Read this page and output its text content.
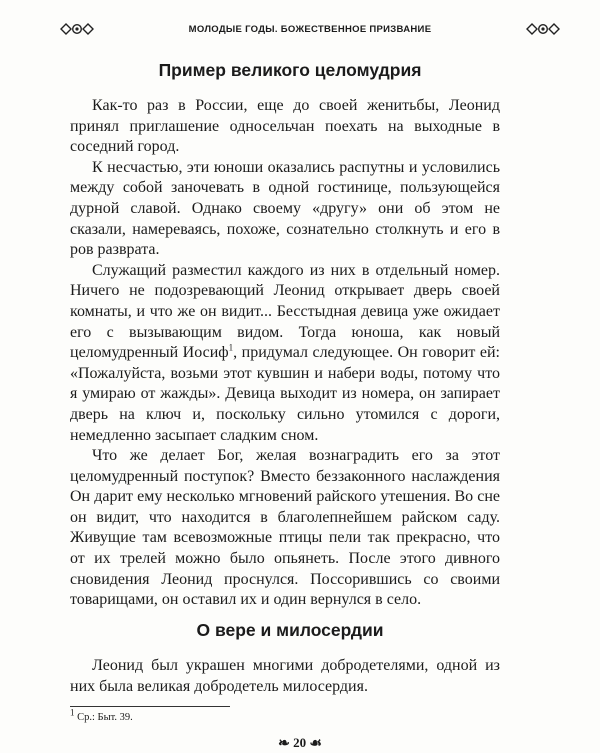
МОЛОДЫЕ ГОДЫ. БОЖЕСТВЕННОЕ ПРИЗВАНИЕ
Пример великого целомудрия

Как-то раз в России, еще до своей женитьбы, Леонид принял приглашение односельчан поехать на выходные в соседний город.

К несчастью, эти юноши оказались распутны и условились между собой заночевать в одной гостинице, пользующейся дурной славой. Однако своему «другу» они об этом не сказали, намереваясь, похоже, сознательно столкнуть и его в ров разврата.

Служащий разместил каждого из них в отдельный номер. Ничего не подозревающий Леонид открывает дверь своей комнаты, и что же он видит... Бесстыдная девица уже ожидает его с вызывающим видом. Тогда юноша, как новый целомудренный Иосиф$^1$, придумал следующее. Он говорит ей: «Пожалуйста, возьми этот кувшин и набери воды, потому что я умираю от жажды». Девица выходит из номера, он запирает дверь на ключ и, поскольку сильно утомился с дороги, немедленно засыпает сладким сном.

Что же делает Бог, желая вознаградить его за этот целомудренный поступок? Вместо беззаконного наслаждения Он дарит ему несколько мгновений райского утешения. Во сне он видит, что находится в благолепнейшем райском саду. Живущие там всевозможные птицы пели так прекрасно, что от их трелей можно было опьянеть. После этого дивного сновидения Леонид проснулся. Поссорившись со своими товарищами, он оставил их и один вернулся в село.

О вере и милосердии

Леонид был украшен многими добродетелями, одной из них была великая добродетель милосердия.

$^1$ Ср.: Быт. 39.
❧ 20 ☙
